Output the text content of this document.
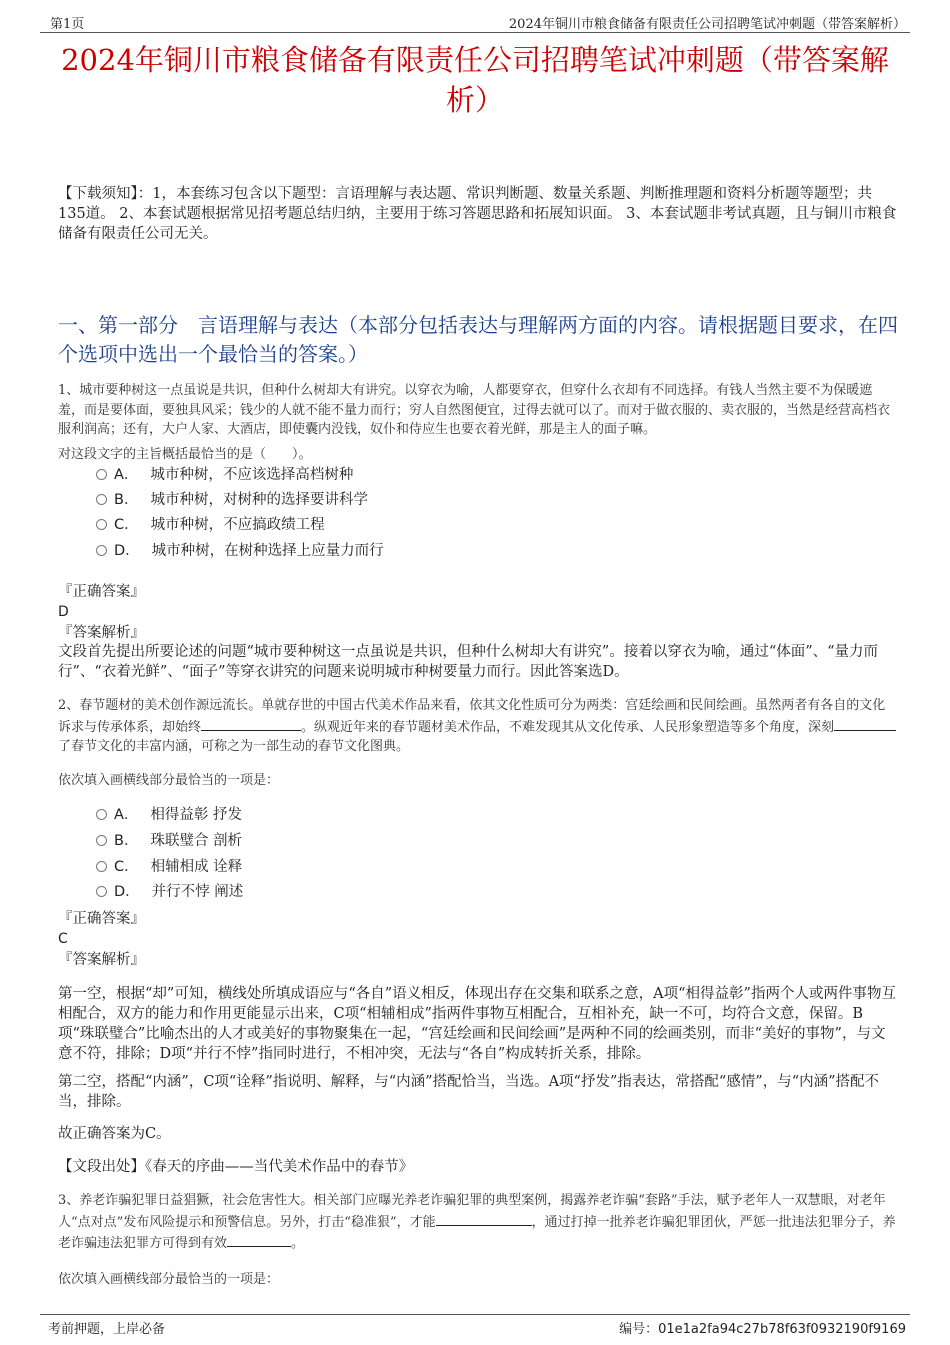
第1页	2024年铜川市粮食储备有限责任公司招聘笔试冲刺题（带答案解析）
2024年铜川市粮食储备有限责任公司招聘笔试冲刺题（带答案解析）
【下载须知】：1，本套练习包含以下题型：言语理解与表达题、常识判断题、数量关系题、判断推理题和资料分析题等题型；共135道。 2、本套试题根据常见招考题总结归纳，主要用于练习答题思路和拓展知识面。 3、本套试题非考试真题，且与铜川市粮食储备有限责任公司无关。
一、第一部分　言语理解与表达（本部分包括表达与理解两方面的内容。请根据题目要求，在四个选项中选出一个最恰当的答案。）
1、城市要种树这一点虽说是共识，但种什么树却大有讲究。以穿衣为喻，人都要穿衣，但穿什么衣却有不同选择。有钱人当然主要不为保暖遮羞，而是要体面，要独具风采；钱少的人就不能不量力而行；穷人自然图便宜，过得去就可以了。而对于做衣服的、卖衣服的，当然是经营高档衣服利润高；还有，大户人家、大酒店，即使囊内没钱，奴仆和侍应生也要衣着光鲜，那是主人的面子嘛。
对这段文字的主旨概括最恰当的是（　　）。
A． 城市种树，不应该选择高档树种
B． 城市种树，对树种的选择要讲科学
C． 城市种树，不应搞政绩工程
D． 城市种树，在树种选择上应量力而行
『正确答案』
D
『答案解析』
文段首先提出所要论述的问题“城市要种树这一点虽说是共识，但种什么树却大有讲究”。接着以穿衣为喻，通过“体面”、“量力而行”、“衣着光鲜”、“面子”等穿衣讲究的问题来说明城市种树要量力而行。因此答案选D。
2、春节题材的美术创作源远流长。单就存世的中国古代美术作品来看，依其文化性质可分为两类：宫廷绘画和民间绘画。虽然两者有各自的文化诉求与传承体系，却始终	。纵观近年来的春节题材美术作品，不难发现其从文化传承、人民形象塑造等多个角度，深刻了春节文化的丰富内涵，可称之为一部生动的春节文化图典。
依次填入画横线部分最恰当的一项是：
A． 相得益彰 抒发
B． 珠联璧合 剖析
C． 相辅相成 诠释
D． 并行不悖 阐述
『正确答案』
C
『答案解析』
第一空，根据“却”可知，横线处所填成语应与“各自”语义相反，体现出存在交集和联系之意，A项“相得益彰”指两个人或两件事物互相配合，双方的能力和作用更能显示出来，C项“相辅相成”指两件事物互相配合，互相补充，缺一不可，均符合文意，保留。B项“珠联璧合”比喻杰出的人才或美好的事物聚集在一起，“宫廷绘画和民间绘画”是两种不同的绘画类别，而非“美好的事物”，与文意不符，排除；D项“并行不悖”指同时进行，不相冲突，无法与“各自”构成转折关系，排除。
第二空，搭配“内涵”，C项“诠释”指说明、解释，与“内涵”搭配恰当，当选。A项“抒发”指表达，常搭配“感情”，与“内涵”搭配不当，排除。
故正确答案为C。
【文段出处】《春天的序曲——当代美术作品中的春节》
3、养老诈骗犯罪日益猖獗，社会危害性大。相关部门应曝光养老诈骗犯罪的典型案例，揭露养老诈骗“套路”手法，赋予老年人一双慧眼，对老年人“点对点”发布风险提示和预警信息。另外，打击“稳准狠”，才能	，通过打掉一批养老诈骗犯罪团伙，严惩一批违法犯罪分子，养老诈骗违法犯罪方可得到有效	。
依次填入画横线部分最恰当的一项是：
考前押题，上岸必备	编号：01e1a2fa94c27b78f63f0932190f9169
